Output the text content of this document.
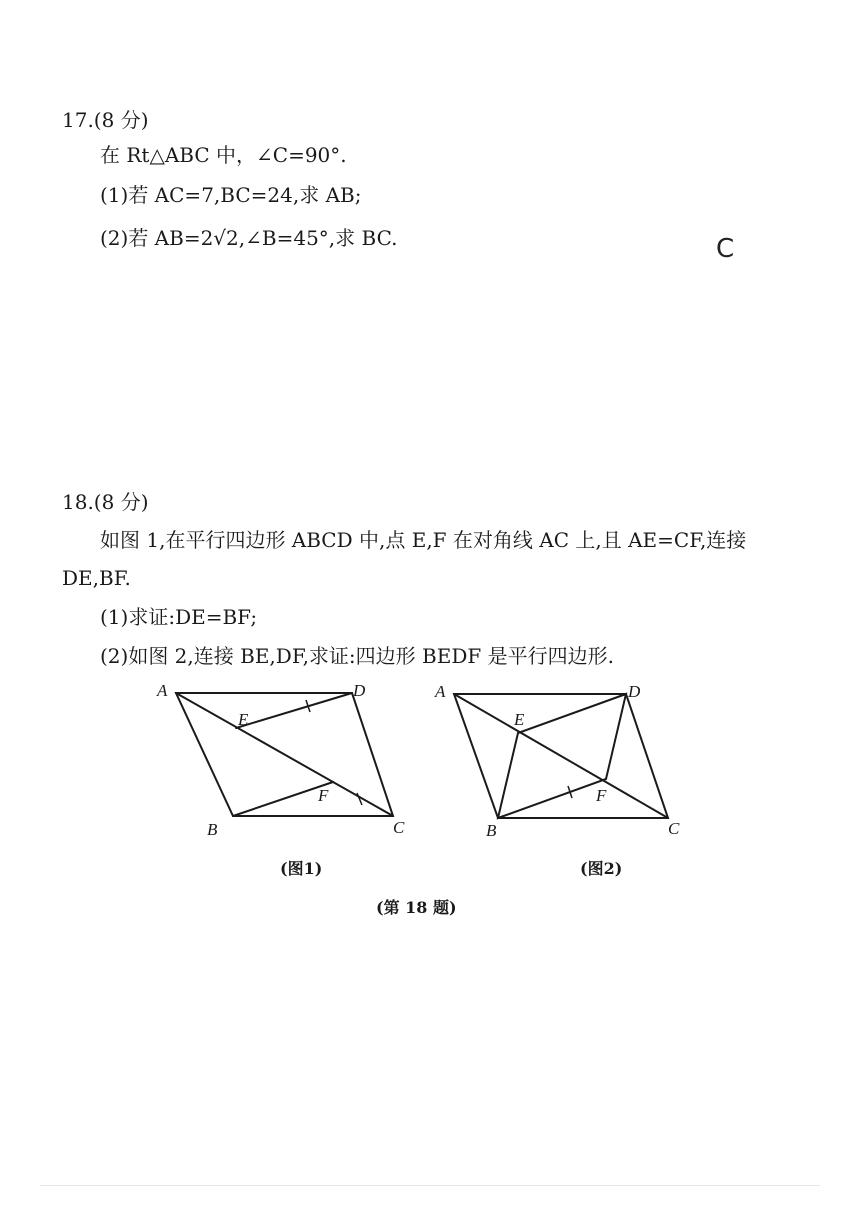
17.(8 分)
在 Rt△ABC 中，∠C=90°.
(1)若 AC=7,BC=24,求 AB;
(2)若 AB=2√2,∠B=45°,求 BC.	C
18.(8 分)
如图 1,在平行四边形 ABCD 中,点 E,F 在对角线 AC 上,且 AE=CF,连接
DE,BF.
(1)求证:DE=BF;
(2)如图 2,连接 BE,DF,求证:四边形 BEDF 是平行四边形.
A	D
E
F
B	C
(图1)
A	D
E
F
B	C
(图2)
(第 18 题)
